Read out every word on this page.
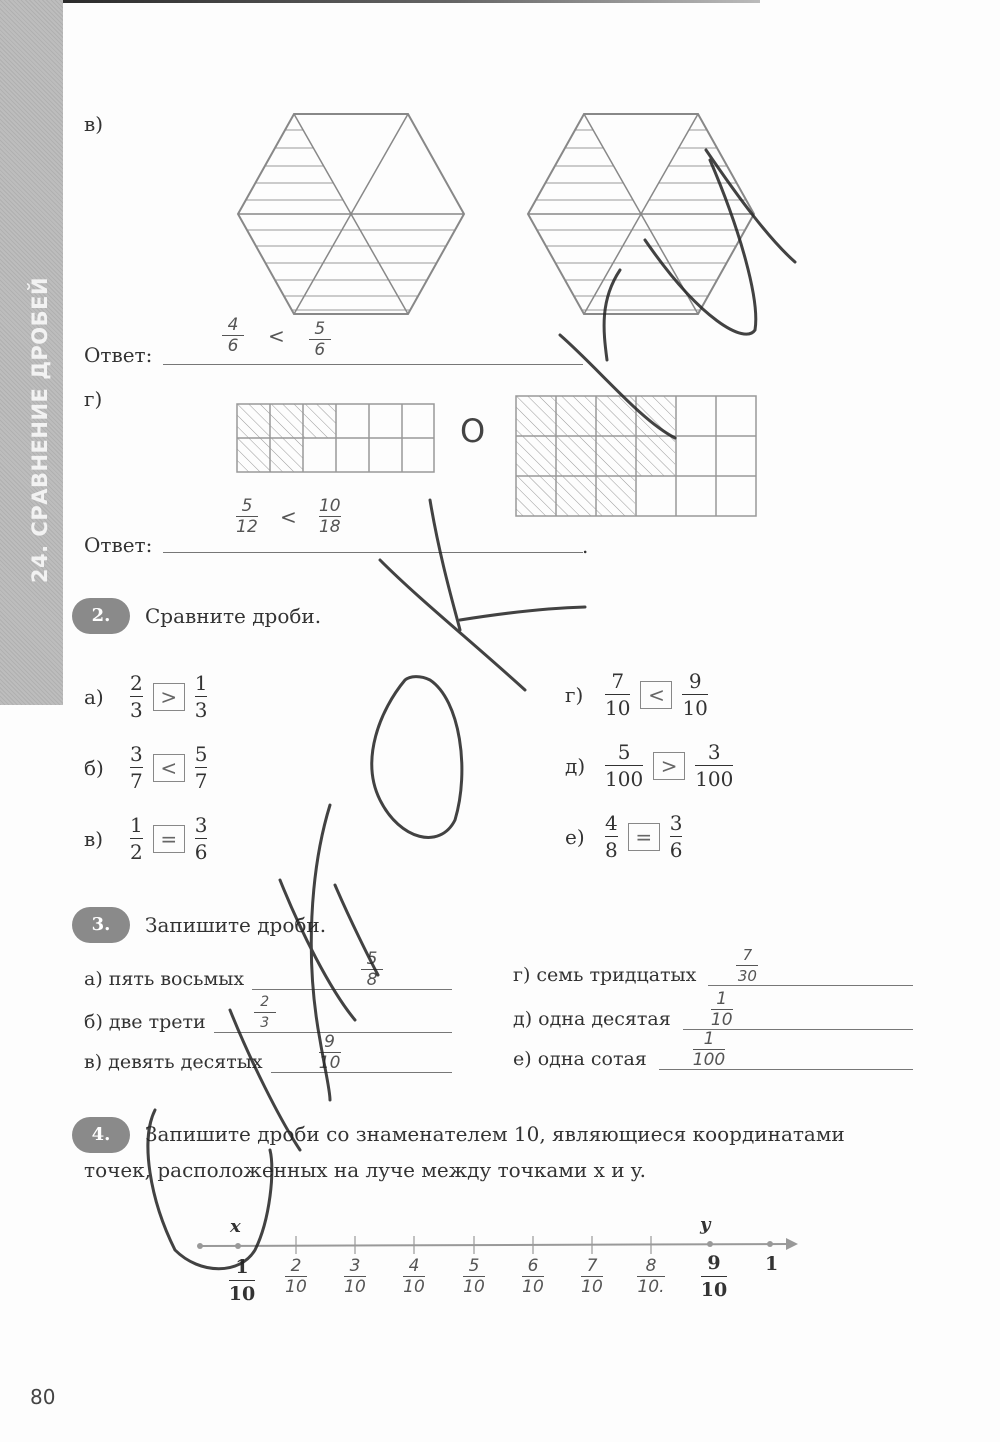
24. СРАВНЕНИЕ ДРОБЕЙ
в)
Ответ:
4
6 < 5
6
г)
O
Ответ:	.
5
12 < 10
18
2.	Сравните дроби.
а)	$\frac{2}{3} > \frac{1}{3}$
б)	$\frac{3}{7} < \frac{5}{7}$
в)	$\frac{1}{2} = \frac{3}{6}$
г)	$\frac{7}{10} < \frac{9}{10}$
$д) \frac{5}{100} > \frac{3}{100}$
е)	$\frac{4}{8} = \frac{3}{6}$
3.	Запишите дроби.
а) пять восьмых
5
8
б) две трети
2
3
в) девять десятых
9
10
г) семь тридцатых
7
30
д) одна десятая
1
10
е) одна сотая
1
100
4.	Запишите дроби со знаменателем 10, являющиеся координатами
точек, расположенных на луче между точками x и y.
x	y
$\frac{1}{10} \frac{2}{10} \frac{3}{10} \frac{4}{10} \frac{5}{10} \frac{6}{10} \frac{7}{10} \frac{8}{10.} \frac{9}{10} 1$
80
